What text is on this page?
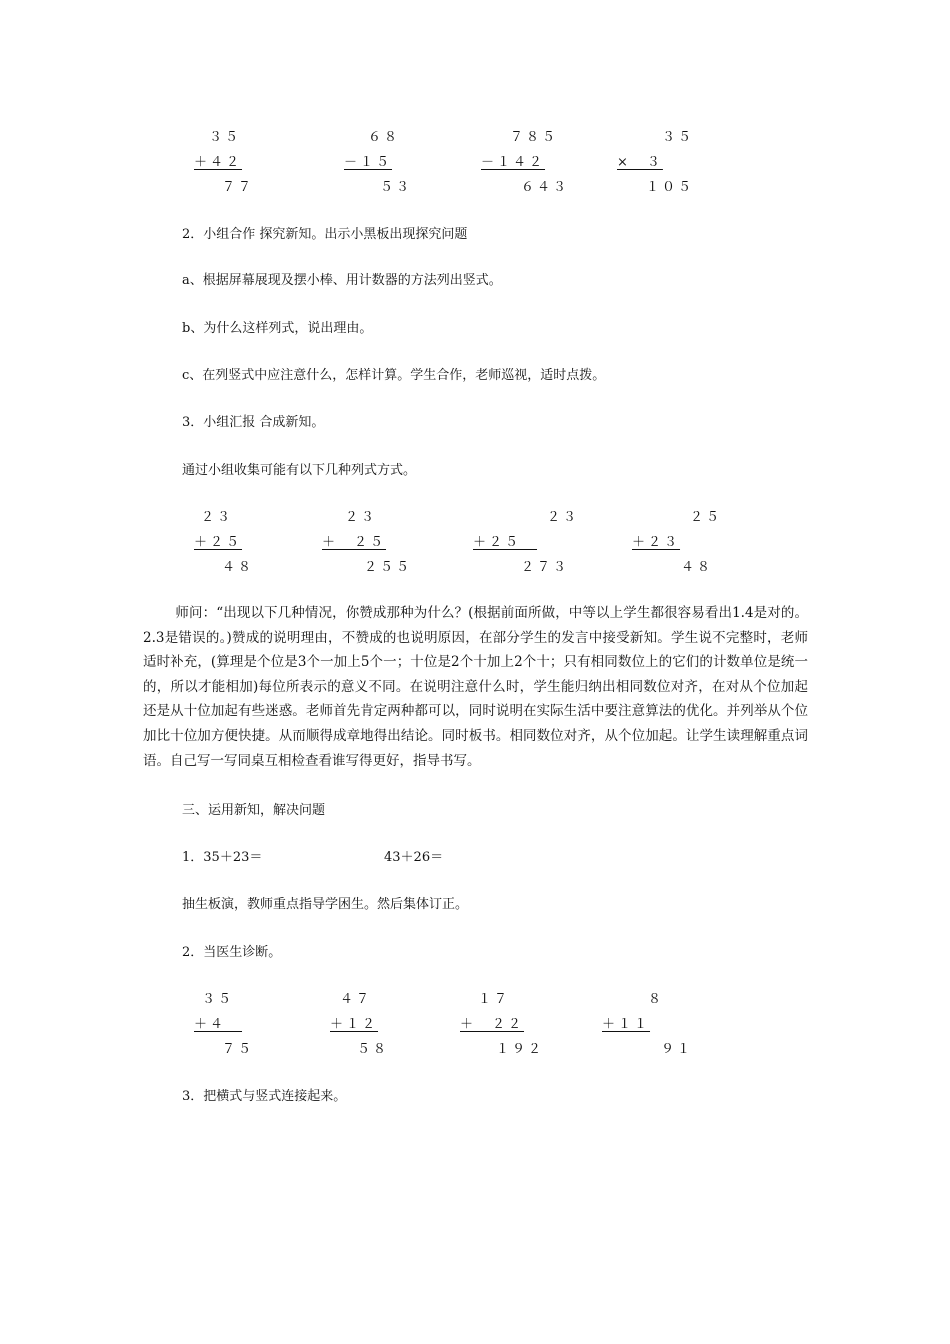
３５
＋４２
７７
６８
－１５
５３
７８５
－１４２
６４３
３５
×　３
１０５
2．小组合作 探究新知。出示小黑板出现探究问题
a、根据屏幕展现及摆小棒、用计数器的方法列出竖式。
b、为什么这样列式，说出理由。
c、在列竖式中应注意什么，怎样计算。学生合作，老师巡视，适时点拨。
3．小组汇报 合成新知。
通过小组收集可能有以下几种列式方式。
２３
＋２５
４８
２３
＋　２５
２５５
２３
＋２５　
２７３
２５
＋２３
４８

师问：“出现以下几种情况，你赞成那种为什么？(根据前面所做，中等以上学生都很容易看出1.4是对的。2.3是错误的。)赞成的说明理由，不赞成的也说明原因，在部分学生的发言中接受新知。学生说不完整时，老师适时补充，(算理是个位是3个一加上5个一；十位是2个十加上2个十；只有相同数位上的它们的计数单位是统一的，所以才能相加)每位所表示的意义不同。在说明注意什么时，学生能归纳出相同数位对齐，在对从个位加起还是从十位加起有些迷惑。老师首先肯定两种都可以，同时说明在实际生活中要注意算法的优化。并列举从个位加比十位加方便快捷。从而顺得成章地得出结论。同时板书。相同数位对齐，从个位加起。让学生读理解重点词语。自己写一写同桌互相检查看谁写得更好，指导书写。

三、运用新知，解决问题
1．35＋23＝	43＋26＝
抽生板演，教师重点指导学困生。然后集体订正。
2．当医生诊断。
３５
＋４　
７５
４７
＋１２
５８
１７
＋　２２
１９２
８
＋１１
９１
3．把横式与竖式连接起来。
